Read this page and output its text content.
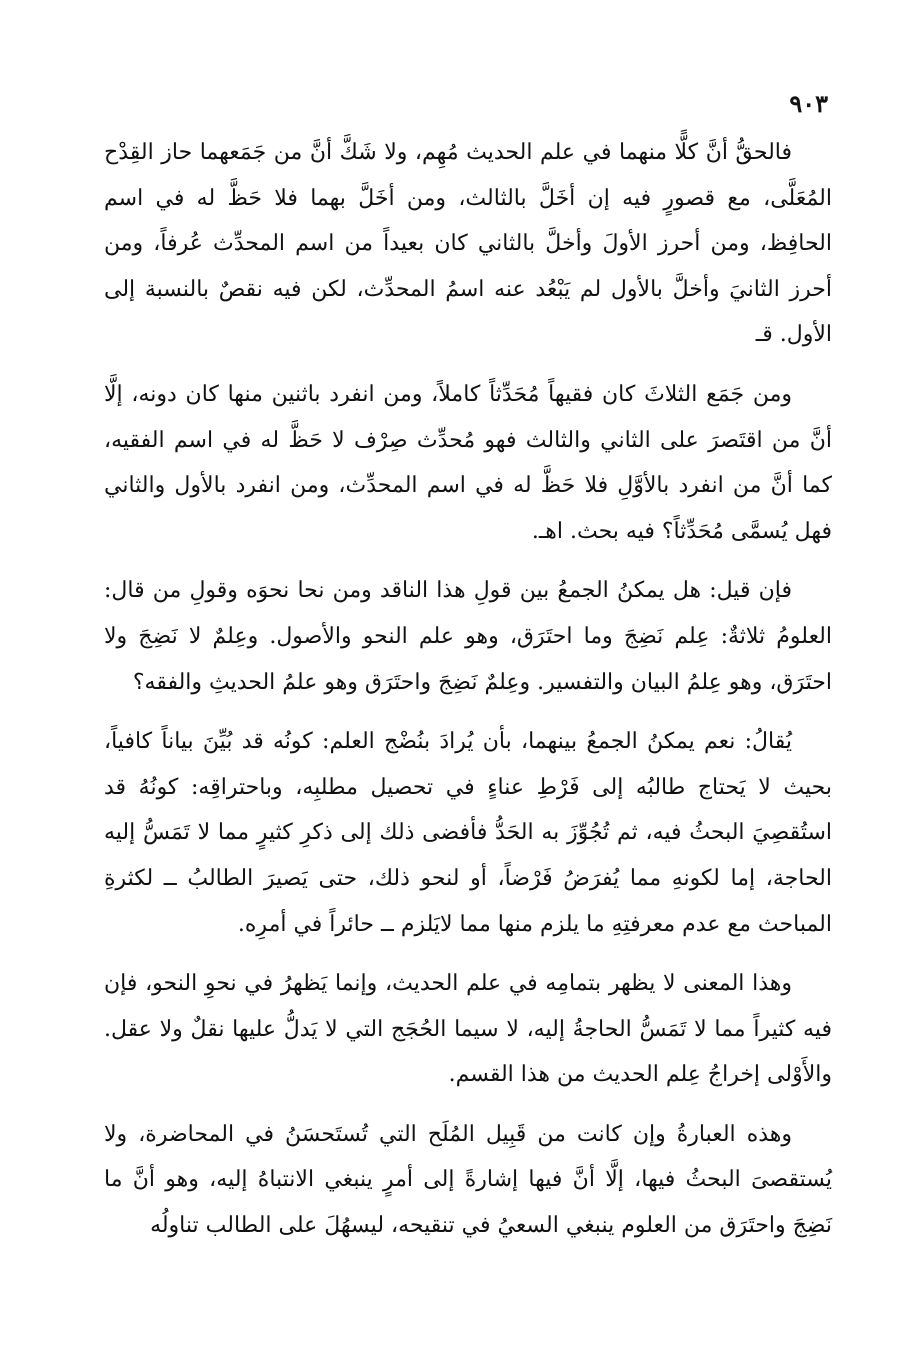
٩٠٣

فالحقُّ أنَّ كلًّا منهما في علم الحديث مُهِم، ولا شَكَّ أنَّ من جَمَعهما حاز القِدْح المُعَلَّى، مع قصورٍ فيه إن أخَلَّ بالثالث، ومن أخَلَّ بهما فلا حَظَّ له في اسم الحافِظ، ومن أحرز الأولَ وأخلَّ بالثاني كان بعيداً من اسم المحدِّث عُرفاً، ومن أحرز الثانيَ وأخلَّ بالأول لم يَبْعُد عنه اسمُ المحدِّث، لكن فيه نقصٌ بالنسبة إلى الأول. قـ

ومن جَمَع الثلاثَ كان فقيهاً مُحَدِّثاً كاملاً، ومن انفرد باثنين منها كان دونه، إلَّا أنَّ من اقتَصرَ على الثاني والثالث فهو مُحدِّث صِرْف لا حَظَّ له في اسم الفقيه، كما أنَّ من انفرد بالأوَّلِ فلا حَظَّ له في اسم المحدِّث، ومن انفرد بالأول والثاني فهل يُسمَّى مُحَدِّثاً؟ فيه بحث. اهـ.

فإن قيل: هل يمكنُ الجمعُ بين قولِ هذا الناقد ومن نحا نحوَه وقولِ من قال: العلومُ ثلاثةٌ: عِلم نَضِجَ وما احتَرَق، وهو علم النحو والأصول. وعِلمٌ لا نَضِجَ ولا احتَرَق، وهو عِلمُ البيان والتفسير. وعِلمٌ نَضِجَ واحتَرَق وهو علمُ الحديثِ والفقه؟

يُقالُ: نعم يمكنُ الجمعُ بينهما، بأن يُرادَ بنُضْج العلم: كونُه قد بُيِّنَ بياناً كافياً، بحيث لا يَحتاج طالبُه إلى فَرْطِ عناءٍ في تحصيل مطلبِه، وباحتراقِه: كونُهُ قد استُقصِيَ البحثُ فيه، ثم تُجُوِّزَ به الحَدُّ فأفضى ذلك إلى ذكرِ كثيرٍ مما لا تَمَسُّ إليه الحاجة، إما لكونهِ مما يُفرَضُ فَرْضاً، أو لنحو ذلك، حتى يَصيرَ الطالبُ ــ لكثرةِ المباحث مع عدم معرفتِهِ ما يلزم منها مما لايَلزم ــ حائراً في أمرِه.

وهذا المعنى لا يظهر بتمامِه في علم الحديث، وإنما يَظهرُ في نحوِ النحو، فإن فيه كثيراً مما لا تَمَسُّ الحاجةُ إليه، لا سيما الحُجَج التي لا يَدلُّ عليها نقلٌ ولا عقل. والأَوْلى إخراجُ عِلم الحديث من هذا القسم.

وهذه العبارةُ وإن كانت من قَبِيل المُلَح التي تُستَحسَنُ في المحاضرة، ولا يُستقصىَ البحثُ فيها، إلَّا أنَّ فيها إشارةً إلى أمرٍ ينبغي الانتباهُ إليه، وهو أنَّ ما نَضِجَ واحتَرَق من العلوم ينبغي السعيُ في تنقيحه، ليسهُلَ على الطالب تناولُه
